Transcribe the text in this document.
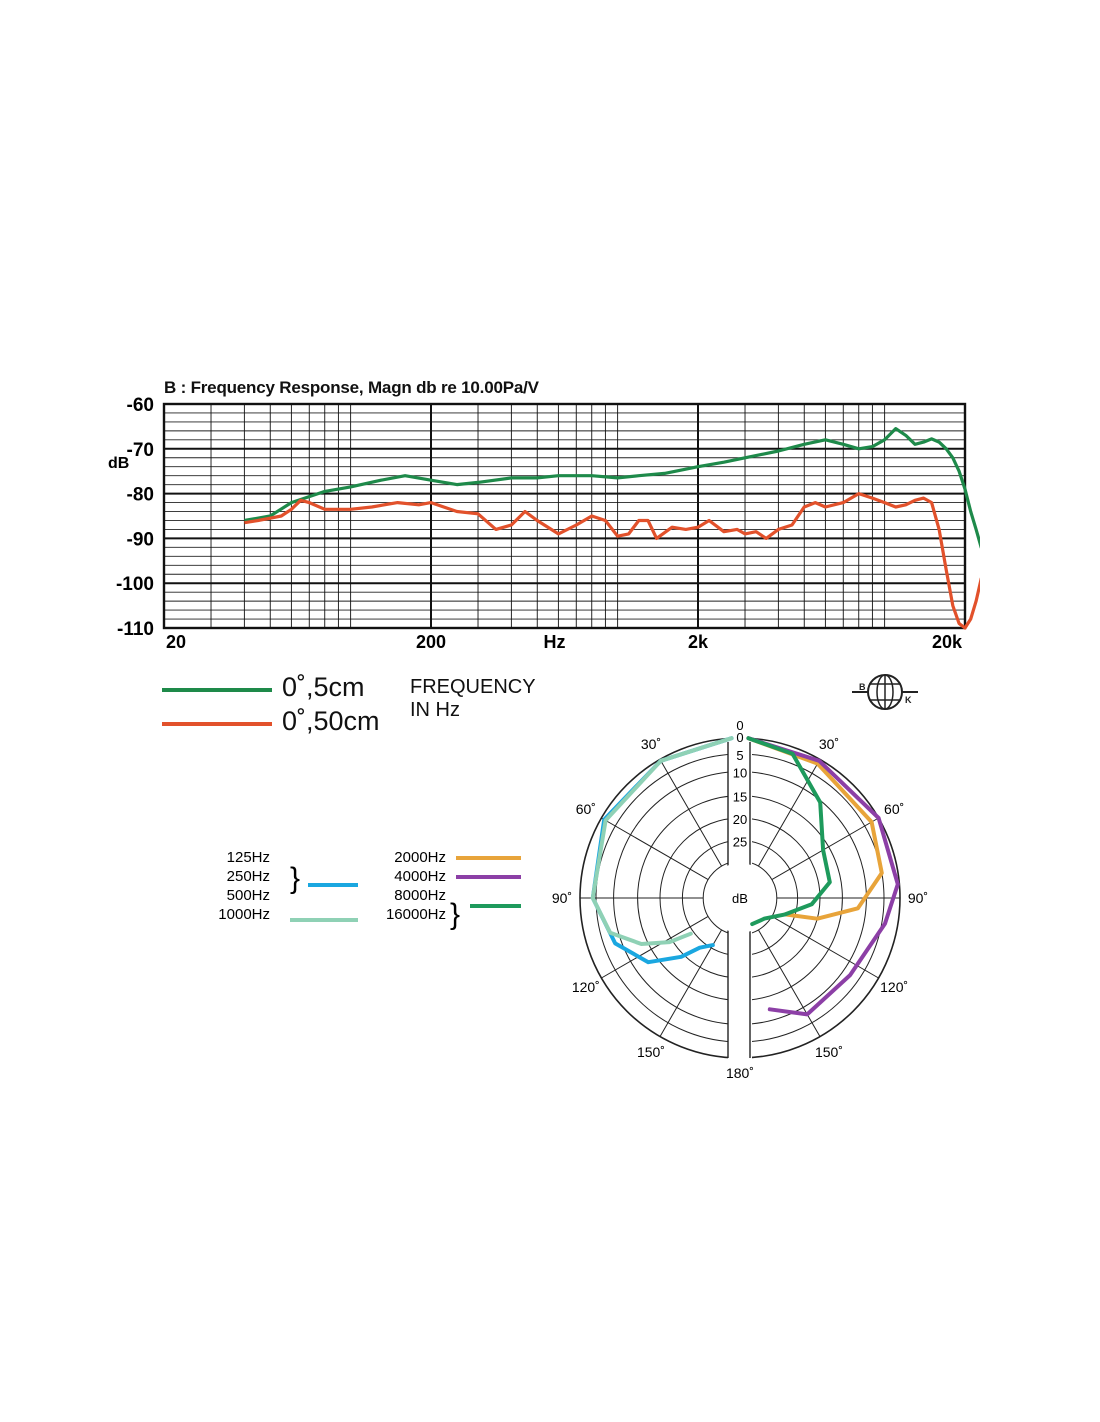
B : Frequency Response, Magn db re 10.00Pa/V
-60
-70
-80
-90
-100
-110
dB
20	200	Hz	2k	20k
0˚,5cm FREQUENCY IN Hz
0˚,50cm
B
K
dB
0
5
10
15
20
25
0
30˚
30˚
60˚
60˚
90˚
90˚
120˚
120˚
150˚
150˚
180˚
125Hz
250Hz
500Hz
1000Hz
}
2000Hz
4000Hz
8000Hz
16000Hz }
